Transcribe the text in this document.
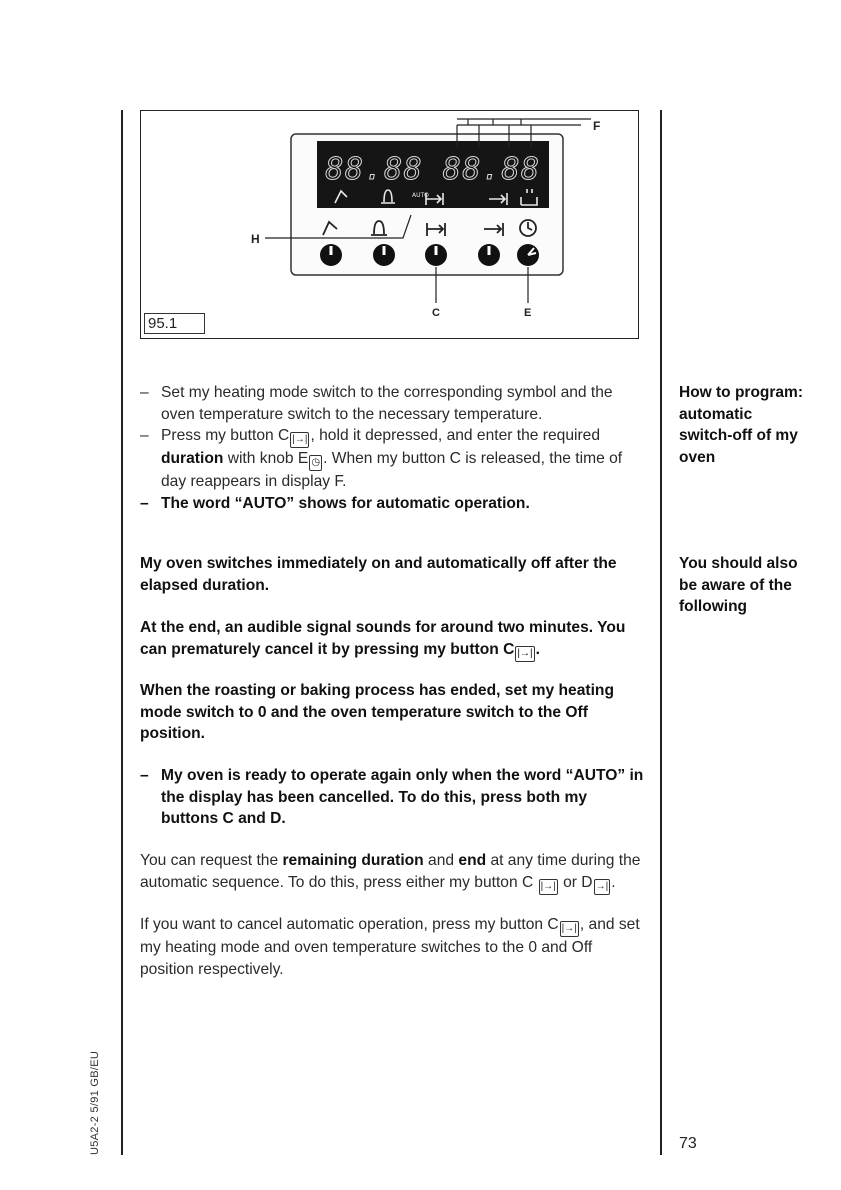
88.88 88.88
AUTO
F
H
C	E
95.1
– Set my heating mode switch to the corresponding symbol and the oven temperature switch to the necessary temperature.
– Press my button C |→| , hold it depressed, and enter the required duration with knob E ◷ . When my button C is released, the time of day reappears in display F.
– The word “AUTO” shows for automatic operation.
My oven switches immediately on and automatically off after the elapsed duration.
At the end, an audible signal sounds for around two minutes. You can prematurely cancel it by pressing my button C |→| .
When the roasting or baking process has ended, set my heating mode switch to 0 and the oven temperature switch to the Off position.
– My oven is ready to operate again only when the word “AUTO” in the display has been cancelled. To do this, press both my buttons C and D.
You can request the remaining duration and end at any time during the automatic sequence. To do this, press either my button C |→| or D →| .
If you want to cancel automatic operation, press my button C |→| , and set my heating mode and oven temperature switches to the 0 and Off position respectively.
How to program: automatic switch-off of my oven
You should also be aware of the following
73
U5A2-2 5/91 GB/EU
